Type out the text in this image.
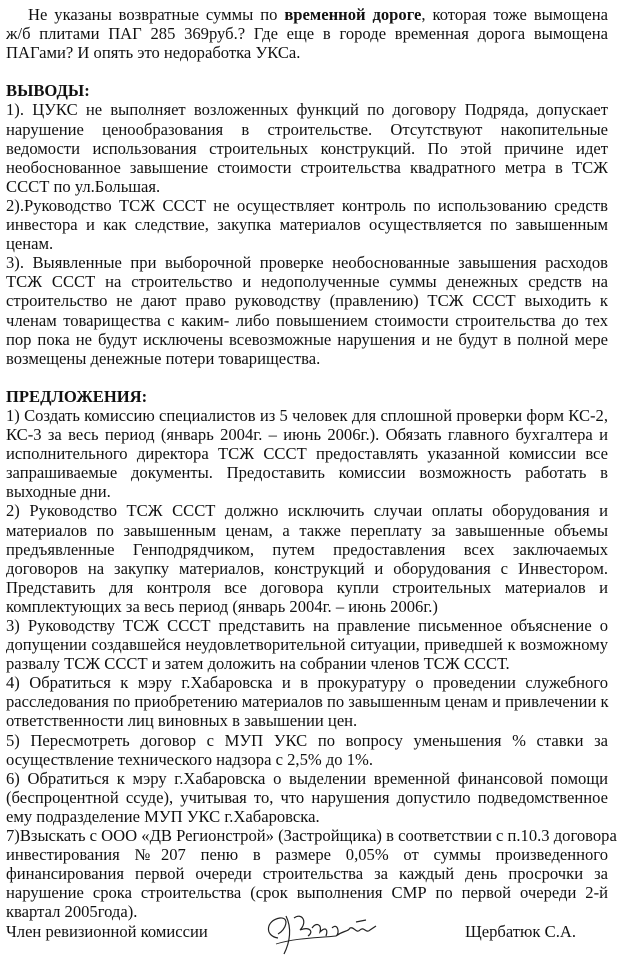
Не указаны возвратные суммы по временной дороге, которая тоже вымощена
ж/б плитами ПАГ 285 369руб.? Где еще в городе временная дорога вымощена
ПАГами? И опять это недоработка УКСа.
ВЫВОДЫ:
1). ЦУКС не выполняет возложенных функций по договору Подряда, допускает
нарушение ценообразования в строительстве. Отсутствуют накопительные
ведомости использования строительных конструкций. По этой причине идет
необоснованное завышение стоимости строительства квадратного метра в ТСЖ
СССТ по ул.Большая.
2).Руководство ТСЖ СССТ не осуществляет контроль по использованию средств
инвестора и как следствие, закупка материалов осуществляется по завышенным
ценам.
3). Выявленные при выборочной проверке необоснованные завышения расходов
ТСЖ СССТ на строительство и недополученные суммы денежных средств на
строительство не дают право руководству (правлению) ТСЖ СССТ выходить к
членам товарищества с каким- либо повышением стоимости строительства до тех
пор пока не будут исключены всевозможные нарушения и не будут в полной мере
возмещены денежные потери товарищества.
ПРЕДЛОЖЕНИЯ:
1) Создать комиссию специалистов из 5 человек для сплошной проверки форм КС-2,
КС-3 за весь период (январь 2004г. – июнь 2006г.). Обязать главного бухгалтера и
исполнительного директора ТСЖ СССТ предоставлять указанной комиссии все
запрашиваемые документы. Предоставить комиссии возможность работать в
выходные дни.
2) Руководство ТСЖ СССТ должно исключить случаи оплаты оборудования и
материалов по завышенным ценам, а также переплату за завышенные объемы
предъявленные Генподрядчиком, путем предоставления всех заключаемых
договоров на закупку материалов, конструкций и оборудования с Инвестором.
Представить для контроля все договора купли строительных материалов и
комплектующих за весь период (январь 2004г. – июнь 2006г.)
3) Руководству ТСЖ СССТ представить на правление письменное объяснение о
допущении создавшейся неудовлетворительной ситуации, приведшей к возможному
развалу ТСЖ СССТ и затем доложить на собрании членов ТСЖ СССТ.
4) Обратиться к мэру г.Хабаровска и в прокуратуру о проведении служебного
расследования по приобретению материалов по завышенным ценам и привлечении к
ответственности лиц виновных в завышении цен.
5) Пересмотреть договор с МУП УКС по вопросу уменьшения % ставки за
осуществление технического надзора с 2,5% до 1%.
6) Обратиться к мэру г.Хабаровска о выделении временной финансовой помощи
(беспроцентной ссуде), учитывая то, что нарушения допустило подведомственное
ему подразделение МУП УКС г.Хабаровска.
7)Взыскать с ООО «ДВ Регионстрой» (Застройщика) в соответствии с п.10.3 договора
инвестирования №207 пеню в размере 0,05% от суммы произведенного
финансирования первой очереди строительства за каждый день просрочки за
нарушение срока строительства (срок выполнения СМР по первой очереди 2-й
квартал 2005года).
Член ревизионной комиссии	Щербатюк С.А.
